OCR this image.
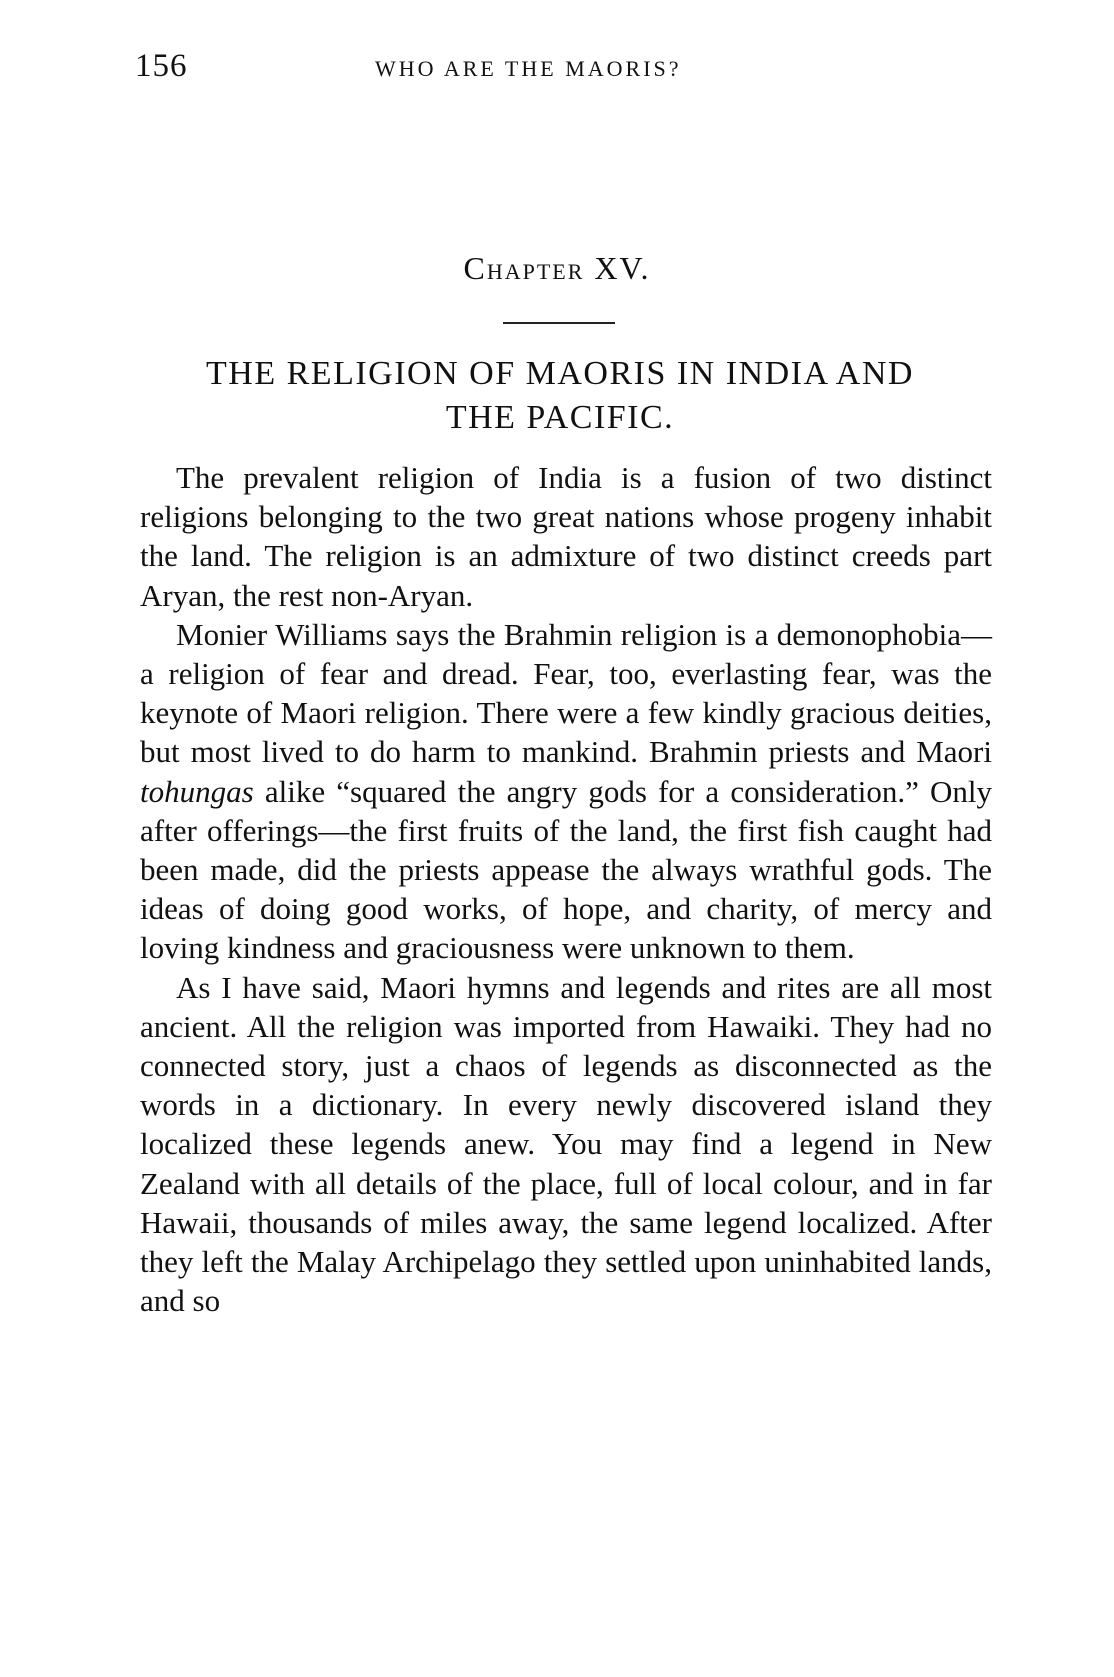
156	WHO ARE THE MAORIS?
Chapter XV.
THE RELIGION OF MAORIS IN INDIA AND
THE PACIFIC.

The prevalent religion of India is a fusion of two distinct religions belonging to the two great nations whose progeny inhabit the land. The religion is an admixture of two distinct creeds part Aryan, the rest non-Aryan.

Monier Williams says the Brahmin religion is a demonophobia—a religion of fear and dread. Fear, too, everlasting fear, was the keynote of Maori religion. There were a few kindly gracious deities, but most lived to do harm to mankind. Brahmin priests and Maori tohungas alike “squared the angry gods for a consideration.” Only after offerings—the first fruits of the land, the first fish caught had been made, did the priests appease the always wrathful gods. The ideas of doing good works, of hope, and charity, of mercy and loving kindness and graciousness were unknown to them.

As I have said, Maori hymns and legends and rites are all most ancient. All the religion was imported from Hawaiki. They had no connected story, just a chaos of legends as disconnected as the words in a dictionary. In every newly discovered island they localized these legends anew. You may find a legend in New Zealand with all details of the place, full of local colour, and in far Hawaii, thousands of miles away, the same legend localized. After they left the Malay Archipelago they settled upon uninhabited lands, and so
